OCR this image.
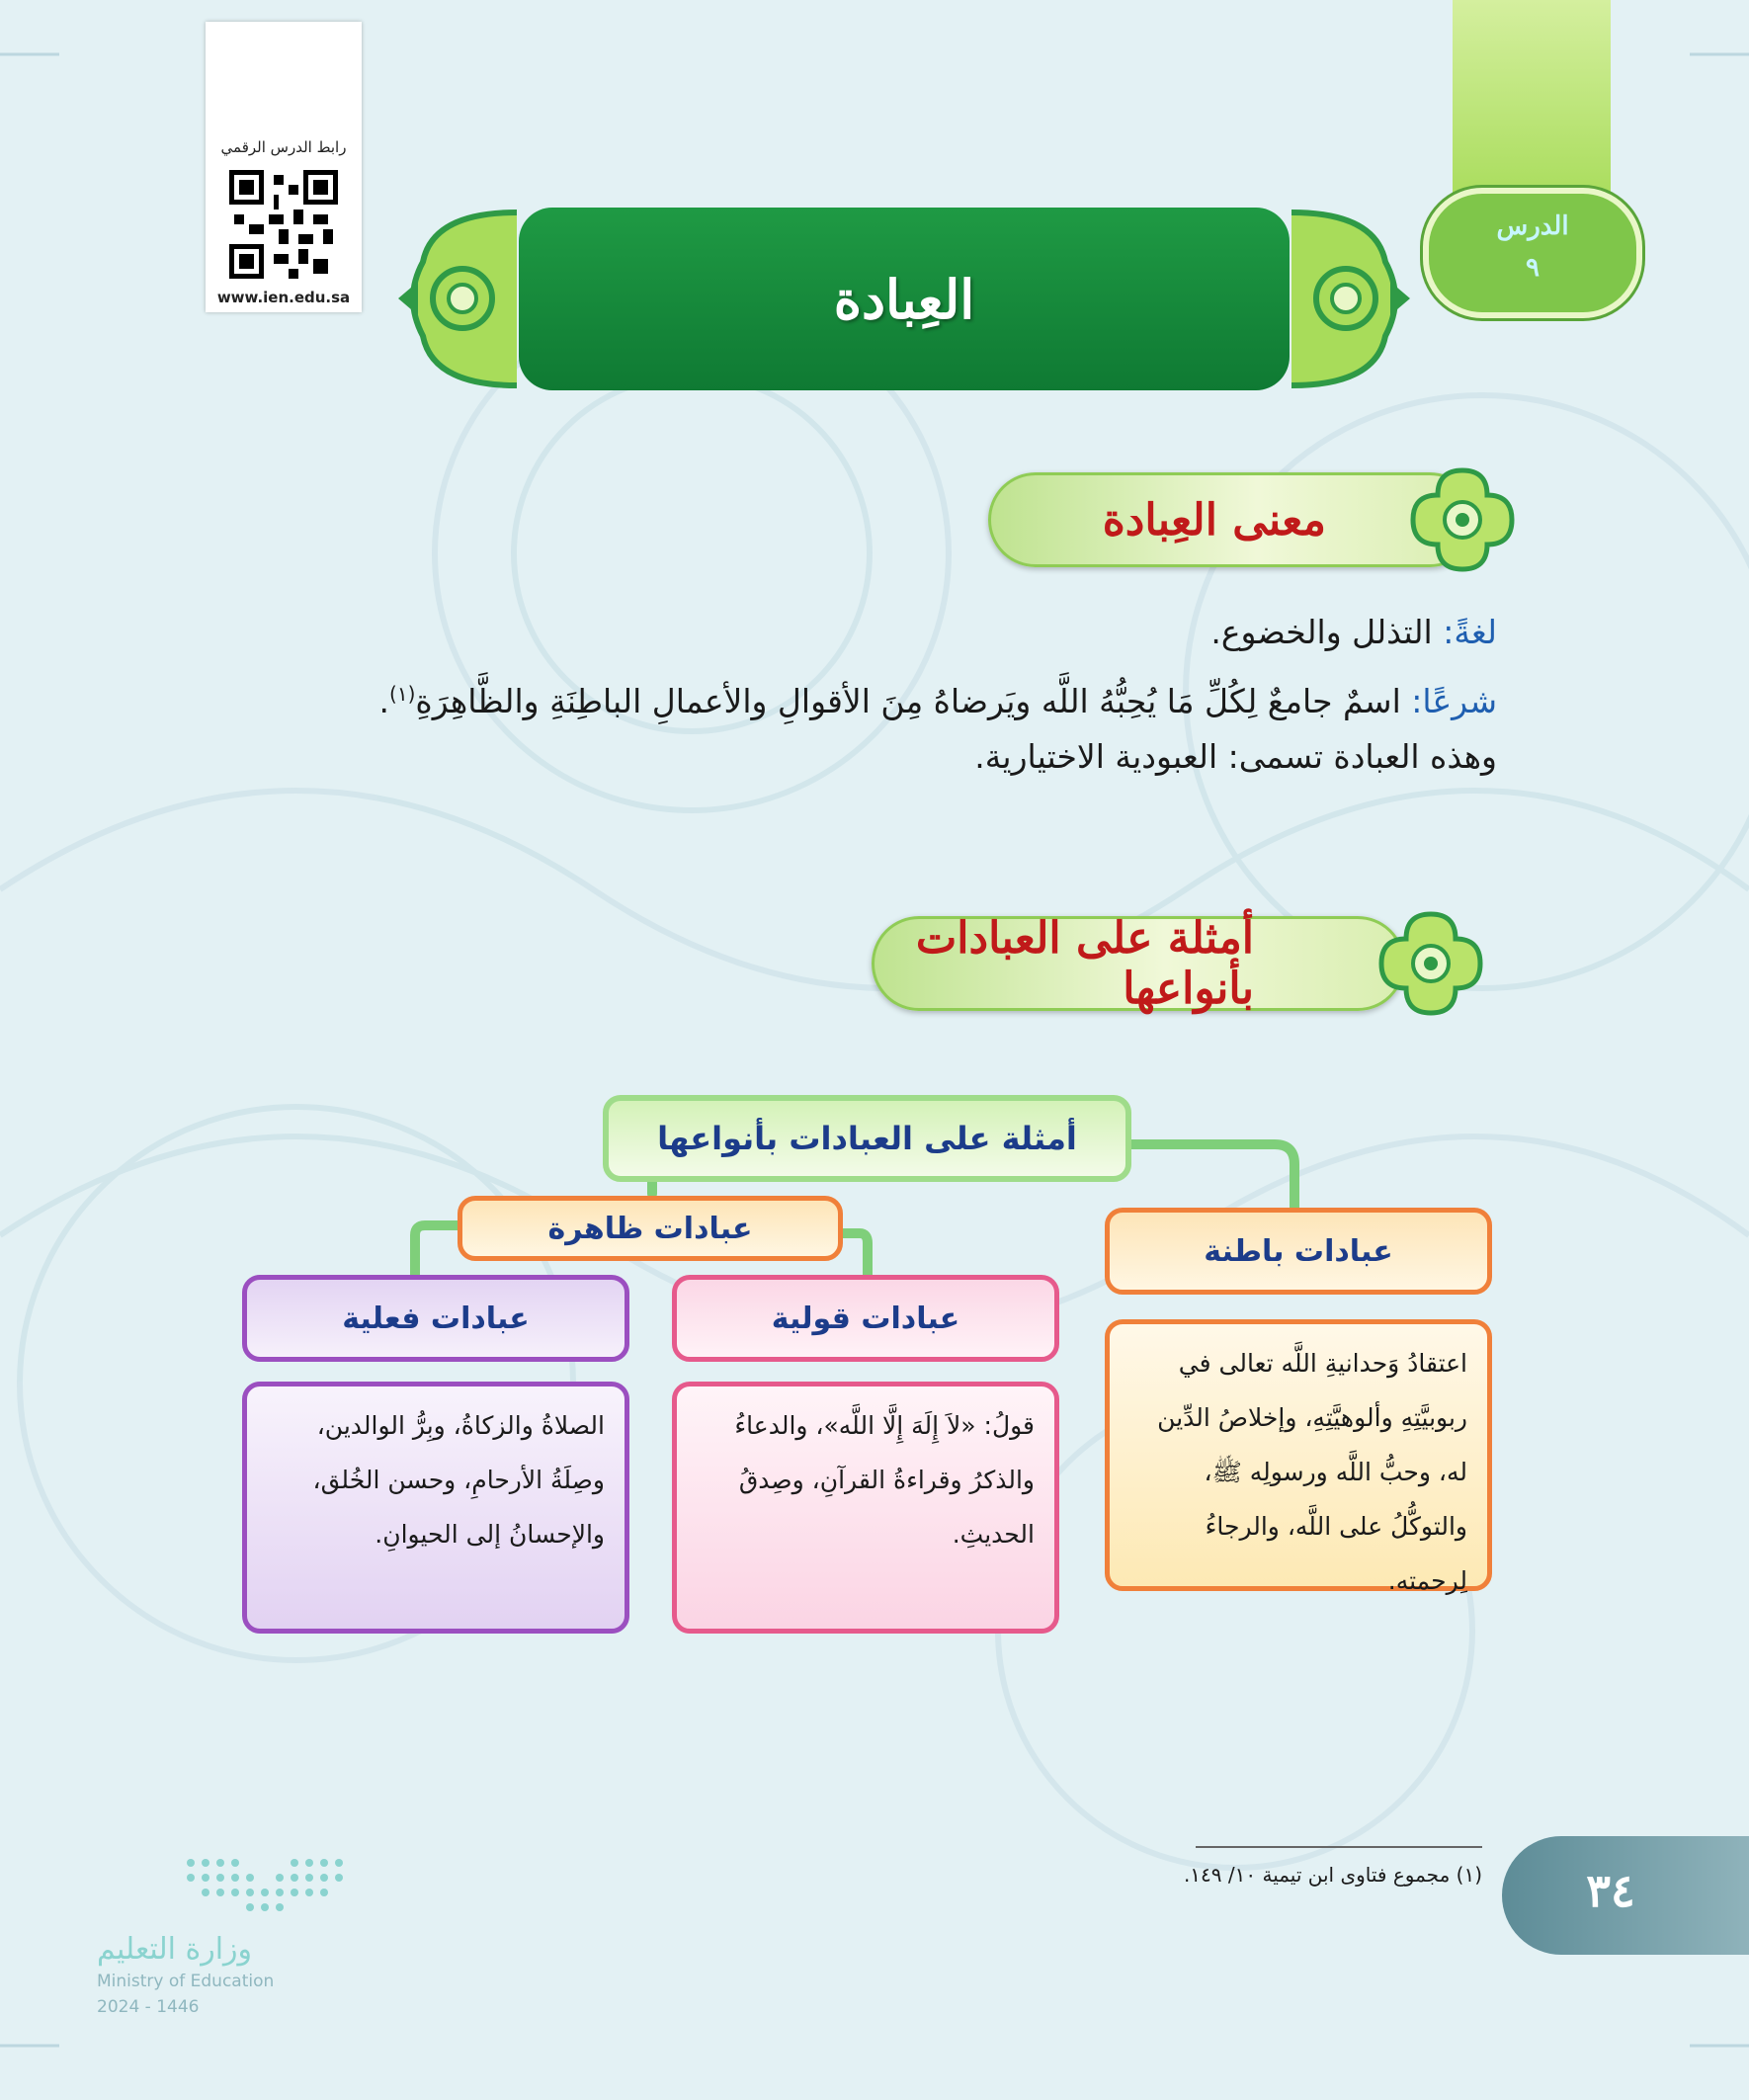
رابط الدرس الرقمي
www.ien.edu.sa
الدرس
٩
العِبادة
معنى العِبادة
لغةً: التذلل والخضوع.
شرعًا: اسمٌ جامعٌ لِكُلِّ مَا يُحِبُّهُ اللَّه ويَرضاهُ مِنَ الأقوالِ والأعمالِ الباطِنَةِ والظَّاهِرَةِ$^{(١)}$.
وهذه العبادة تسمى: العبودية الاختيارية.
أمثلة على العبادات بأنواعها
أمثلة على العبادات بأنواعها
عبادات باطنة
اعتقادُ وَحدانيةِ اللَّه تعالى في ربوبيَّتِهِ وألوهيَّتِهِ، وإخلاصُ الدِّين له، وحبُّ اللَّه ورسولِه ﷺ، والتوكُّلُ على اللَّه، والرجاءُ لِرحمته.
عبادات ظاهرة
عبادات قولية
قولُ: «لاَ إِلَهَ إِلَّا اللَّه»، والدعاءُ والذكرُ وقراءةُ القرآنِ، وصِدقُ الحديثِ.
عبادات فعلية
الصلاةُ والزكاةُ، وبِرُّ الوالدين، وصِلَةُ الأرحامِ، وحسن الخُلق، والإحسانُ إلى الحيوانِ.
(١) مجموع فتاوى ابن تيمية ١٠/ ١٤٩.	٣٤
وزارة التعليم
Ministry of Education
2024 - 1446
